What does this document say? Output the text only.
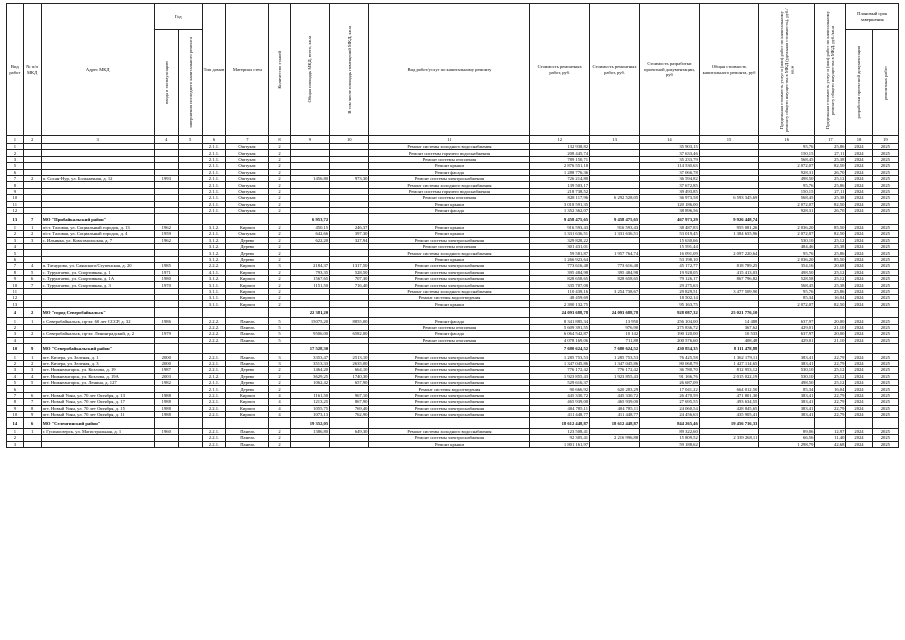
Вид работ	№ п/п МКД	Адрес МКД	Год		Тип домов	Материал стен	Количество этажей	Общая площадь МКД, всего, кв.м	В том числе площадь помещений МКД, кв.м	Вид работ/услуг по капитальному ремонту	Стоимость ремонтных работ, руб.	Стоимость ремонтных работ, руб.	Стоимость разработки проектной документации, руб	Общая стоимость капитального ремонта, руб	Предельная стоимость услуг и (или) работ по капитальному ремонту общего имущества в МКД (удельная стоимость), руб./кв.м	Предельная стоимость услуг и (или) работ по капитальному ремонту общего имущества в МКД, руб./кв.м	Плановый срок завершения	

			ввода в эксплуатацию	завершения последнего капитального ремонта													разработки проектной документации	ремонтных работ

1	2	3	4	5	6	7	8	9	10	11	12	13	14	15	16	17	18	19
1					2.1.1.	Оштукат.	2			Ремонт системы холодного водоснабжения	132 938,82		35 903,15		95,76	25,86	2024	2025
2					2.1.1.	Оштукат.	2			Ремонт системы горячего водоснабжения	208 445,74		37 633,46		150,15	27,11	2024	2025
3					2.1.1.	Оштукат.	2			Ремонт системы отопления	789 150,71		35 233,79		568,45	25,38	2024	2025
5					2.1.1.	Оштукат.	2			Ремонт крыши	2 876 551,18		114 530,63		2 072,07	82,50	2024	2025
6					2.1.1.	Оштукат.	2			Ремонт фасада	1 288 776,36		37 066,78		928,31	26,70	2024	2025
7	2	п. Сосан-Нур, ул. Больничная, д. 12	1993		2.1.1.	Оштукат.	2	1456,80	973,30	Ремонт системы электроснабжения	726 214,80		36 594,82		498,50	25,12	2024	2025
8					2.1.1.	Оштукат.	2			Ремонт системы холодного водоснабжения	139 503,17		37 672,85		95,76	25,86	2024	2025
9					2.1.1.	Оштукат.	2			Ремонт системы горячего водоснабжения	218 738,52		39 493,85		150,15	27,11	2024	2025
10					2.1.1.	Оштукат.	2			Ремонт системы отопления	828 117,96	6 292 528,05	36 973,58	6 593 345,69	568,45	25,38	2024	2025
11					2.1.1.	Оштукат.	2			Ремонт крыши	3 018 591,35		120 186,00		2 072,07	82,50	2024	2025
12					2.1.1.	Оштукат.	2			Ремонт фасада	1 352 362,07		38 896,56		928,31	26,70	2024	2025
13	7	МО "Прибайкальский район"						6 953,72			9 458 475,65	9 458 475,65	467 973,29	9 926 448,74				
1	1	п/ст. Таловая, ул. Социальный городок, д. 13	1962		3.1.2.	Кирпич	2	450,15	246,37	Ремонт крыши	916 593,43	916 593,43	38 487,83	955 081,26	2 036,20	85,50	2024	2025
2	2	п/ст. Таловая, ул. Социальный городок, д. 4	1959		2.1.1.	Оштукат.	2	642,66	397,30	Ремонт крыши	1 331 636,51	1 331 636,51	53 019,45	1 384 655,96	2 072,07	82,50	2024	2025
3	3	с. Ильинка, ул. Комсомольская, д. 7	1962		3.1.2.	Дерево	2	622,20	327,94	Ремонт системы электроснабжения	329 828,22		15 630,66		530,10	25,12	2024	2025
4					3.1.2.	Дерево	2			Ремонт системы отопления	301 431,01		15 591,44		484,46	25,38	2024	2025
5					3.1.2.	Дерево	2			Ремонт системы холодного водоснабжения	59 581,87	1 957 764,74	16 091,09	2 097 220,64	95,76	25,86	2024	2025
6					3.1.2.	Дерево	2			Ремонт крыши	1 266 923,64		53 198,10		2 036,20	85,50	2024	2025
7	4	п. Татаурово, ул. Саянского/Ступенская, д. 20	1985		2.2.2.	Кирпич	3	2184,37	1317,50	Ремонт системы электроснабжения	773 616,48	773 616,48	45 172,77	818 789,25	354,16	20,68	2024	2025
8	5	с. Турунтаево, ул. Спортивная, д. 1	1971		4.1.1.	Кирпич	2	793,35	528,50	Ремонт системы электроснабжения	395 484,98	395 484,98	19 928,05	415 413,03	498,50	25,12	2024	2025
9	6	с. Турунтаево, ул. Спортивная, д. 1А	1980		3.1.2.	Кирпич	2	1567,65	707,30	Ремонт системы электроснабжения	828 658,65	828 658,65	79 126,17	867 796,82	528,58	25,12	2024	2025
10	7	с. Турунтаево, ул. Спортивная, д. 3	1970		3.1.1.	Кирпич	2	1151,50	716,40	Ремонт системы электроснабжения	335 707,08		29 275,63		568,45	25,38	2024	2025
11					3.1.1.	Кирпич	2			Ремонт системы холодного водоснабжения	110 439,16	3 254 738,67	29 829,51	3 477 509,90	95,76	25,86	2024	2025
12					3.1.1.	Кирпич	2			Ремонт системы водоотведения	48 459,69		18 502,14		85,34	16,04	2024	2025
13					3.1.1.	Кирпич	2			Ремонт крыши	2 390 132,75		95 163,75		2 072,07	82,50	2024	2025
4	2	МО "город Северобайкальск"						22 381,20			24 093 688,78	24 093 688,78	928 087,32	25 021 776,10				
1	1	г. Северобайкальск, пр-кт. 60 лет СССР, д. 32	1986		2.2.2.	Панель	5	15075,20	8855,00	Ремонт фасада	8 341 885,34	13 950	256 104,00	14 488	637,97	20,00	2024	2025
2					2.2.2.	Панель	5			Ремонт системы отопления	5 609 391,55	976,90	275 836,72	367,62	429,01	21,10	2024	2025
3	2	г. Северобайкальск, пр-кт. Ленинградский, д. 2	1979		2.2.2.	Панель	5	9506,00	6582,00	Ремонт фасада	6 064 542,87	10 142	190 120,00	10 533	637,97	20,00	2024	2025
4					2.2.2.	Панель	5			Ремонт системы отопления	4 078 169,06	711,88	200 576,60	408,48	429,01	21,10	2024	2025
10	9	МО "Северобайкальский район"						17 528,30			7 680 624,52	7 680 624,52	430 854,35	8 111 478,88				
1	1	пгт. Кичера, ул. Зеленая, д. 1	2000		2.2.1.	Панель	3	3353,47	2513,10	Ремонт системы электроснабжения	1 285 753,53	1 285 753,53	76 425,58	1 362 179,11	383,41	22,79	2024	2025
2	2	пгт. Кичера, ул. Зеленая, д. 3	2000		2.2.1.	Панель	3	3513,33	2635,00	Ремонт системы электроснабжения	1 347 045,86	1 347 045,86	80 068,79	1 427 114,65	383,41	22,79	2024	2025
3	3	пгт. Нижнеангарск, ул. Козлова, д. 19	1987		2.2.1.	Дерево	2	1464,20	664,10	Ремонт системы электроснабжения	776 172,42	776 172,42	36 780,70	812 953,12	530,10	25,12	2024	2025
4	4	пгт. Нижнеангарск, ул. Козлова, д. 19А	2003		2.1.2.	Дерево	2	3629,25	1740,30	Ремонт системы электроснабжения	1 923 855,43	1 923 855,43	91 166,76	2 015 022,19	530,10	25,12	2024	2025
5	5	пгт. Нижнеангарск, ул. Ленина, д. 127	1982		2.1.1.	Дерево	2	1062,42	657,90	Ремонт системы электроснабжения	529 616,37		26 687,09		498,50	25,12	2024	2025
6					2.1.1.	Дерево	2			Ремонт системы водоотведения	90 666,92	620 283,29	17 041,22	664 012,50	85,34	16,04	2024	2025
7	6	пгт. Новый Уоян, ул. 70 лет Октября, д. 13	1988		2.2.1.	Кирпич	4	1161,50	967,10	Ремонт системы электроснабжения	445 330,72	445 330,72	26 470,59	471 801,30	383,41	22,79	2024	2025
8	7	пгт. Новый Уоян, ул. 70 лет Октября, д. 17	1988		2.2.1.	Кирпич	4	1213,25	867,90	Ремонт системы электроснабжения	465 939,00	465 939,00	27 695,55	493 634,55	383,41	22,79	2024	2025
9	8	пгт. Новый Уоян, ул. 70 лет Октября, д. 15	1988		2.2.1.	Кирпич	4	1055,75	769,40	Ремонт системы электроснабжения	404 785,11	404 785,11	24 060,54	428 845,65	383,41	22,79	2024	2025
10	9	пгт. Новый Уоян, ул. 70 лет Октября, д. 11	1988		2.2.1.	Кирпич	4	1073,13	762,90	Ремонт системы электроснабжения	411 448,77	411 448,77	24 456,63	435 905,41	383,41	22,79	2024	2025
14	6	МО "Селенгинский район"						19 352,05			18 612 448,87	18 612 448,87	844 265,46	19 456 716,33				
1	1	г. Гусиноозерск, ул. Магистральная, д. 1	1960		2.2.1.	Панель	2	1386,80	649,30	Ремонт системы холодного водоснабжения	123 508,41		89 322,60		89,06	12,97	2024	2025
2					2.2.1.	Панель	2			Ремонт системы электроснабжения	92 305,41	2 216 996,88	15 809,52	2 339 268,11	66,56	11,40	2024	2025
3					2.2.1.	Панель	2			Ремонт крыши	1 801 161,97		59 188,62		1 298,79	42,68	2024	2025
